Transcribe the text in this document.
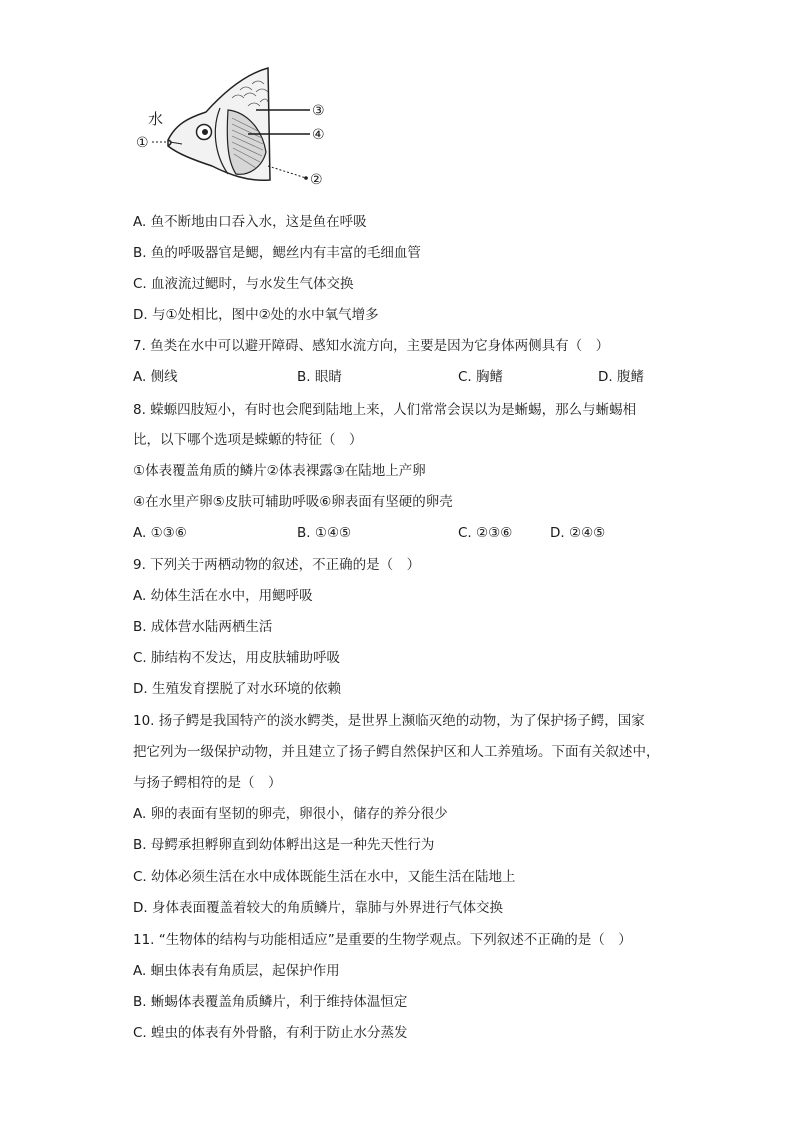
水
①
③
④
②
A. 鱼不断地由口吞入水，这是鱼在呼吸
B. 鱼的呼吸器官是鳃，鳃丝内有丰富的毛细血管
C. 血液流过鳃时，与水发生气体交换
D. 与①处相比，图中②处的水中氧气增多
7. 鱼类在水中可以避开障碍、感知水流方向，主要是因为它身体两侧具有（　）
A. 侧线	B. 眼睛	C. 胸鳍	D. 腹鳍
8. 蝾螈四肢短小，有时也会爬到陆地上来，人们常常会误以为是蜥蜴，那么与蜥蜴相
比，以下哪个选项是蝾螈的特征（　）
①体表覆盖角质的鳞片②体表裸露③在陆地上产卵
④在水里产卵⑤皮肤可辅助呼吸⑥卵表面有坚硬的卵壳
A. ①③⑥	B. ①④⑤	C. ②③⑥	D. ②④⑤
9. 下列关于两栖动物的叙述，不正确的是（　）
A. 幼体生活在水中，用鳃呼吸
B. 成体营水陆两栖生活
C. 肺结构不发达，用皮肤辅助呼吸
D. 生殖发育摆脱了对水环境的依赖
10. 扬子鳄是我国特产的淡水鳄类，是世界上濒临灭绝的动物，为了保护扬子鳄，国家
把它列为一级保护动物，并且建立了扬子鳄自然保护区和人工养殖场。下面有关叙述中，
与扬子鳄相符的是（　）
A. 卵的表面有坚韧的卵壳，卵很小，储存的养分很少
B. 母鳄承担孵卵直到幼体孵出这是一种先天性行为
C. 幼体必须生活在水中成体既能生活在水中，又能生活在陆地上
D. 身体表面覆盖着较大的角质鳞片，靠肺与外界进行气体交换
11. “生物体的结构与功能相适应”是重要的生物学观点。下列叙述不正确的是（　）
A. 蛔虫体表有角质层，起保护作用
B. 蜥蜴体表覆盖角质鳞片，利于维持体温恒定
C. 蝗虫的体表有外骨骼，有利于防止水分蒸发
